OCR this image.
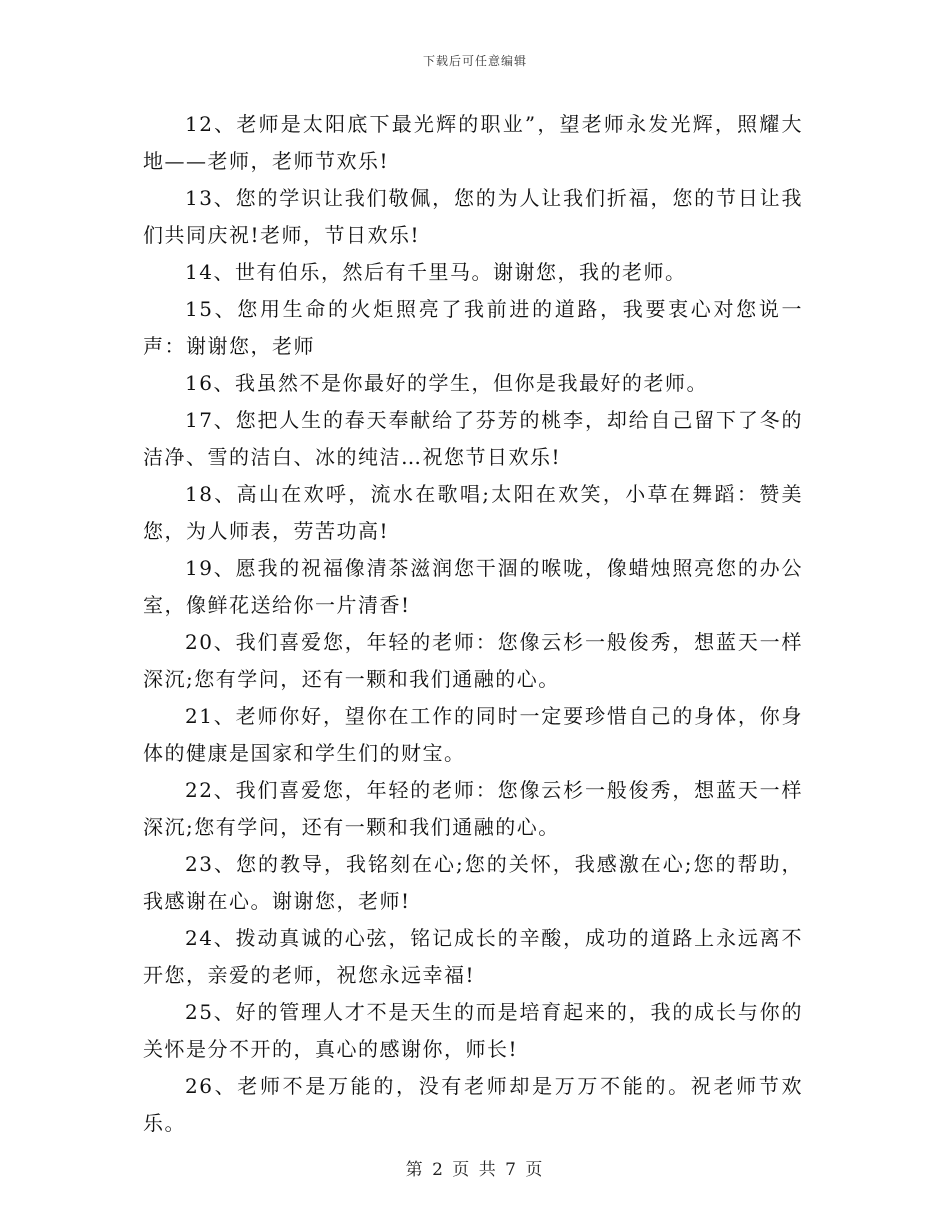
下载后可任意编辑

12、老师是太阳底下最光辉的职业”，望老师永发光辉，照耀大地——老师，老师节欢乐!

13、您的学识让我们敬佩，您的为人让我们折福，您的节日让我们共同庆祝!老师，节日欢乐!

14、世有伯乐，然后有千里马。谢谢您，我的老师。

15、您用生命的火炬照亮了我前进的道路，我要衷心对您说一声：谢谢您，老师

16、我虽然不是你最好的学生，但你是我最好的老师。

17、您把人生的春天奉献给了芬芳的桃李，却给自己留下了冬的洁净、雪的洁白、冰的纯洁…祝您节日欢乐!

18、高山在欢呼，流水在歌唱;太阳在欢笑，小草在舞蹈：赞美您，为人师表，劳苦功高!

19、愿我的祝福像清茶滋润您干涸的喉咙，像蜡烛照亮您的办公室，像鲜花送给你一片清香!

20、我们喜爱您，年轻的老师：您像云杉一般俊秀，想蓝天一样深沉;您有学问，还有一颗和我们通融的心。

21、老师你好，望你在工作的同时一定要珍惜自己的身体，你身体的健康是国家和学生们的财宝。

22、我们喜爱您，年轻的老师：您像云杉一般俊秀，想蓝天一样深沉;您有学问，还有一颗和我们通融的心。

23、您的教导，我铭刻在心;您的关怀，我感激在心;您的帮助，我感谢在心。谢谢您，老师!

24、拨动真诚的心弦，铭记成长的辛酸，成功的道路上永远离不开您，亲爱的老师，祝您永远幸福!

25、好的管理人才不是天生的而是培育起来的，我的成长与你的关怀是分不开的，真心的感谢你，师长!

26、老师不是万能的，没有老师却是万万不能的。祝老师节欢乐。

第 2 页 共 7 页
